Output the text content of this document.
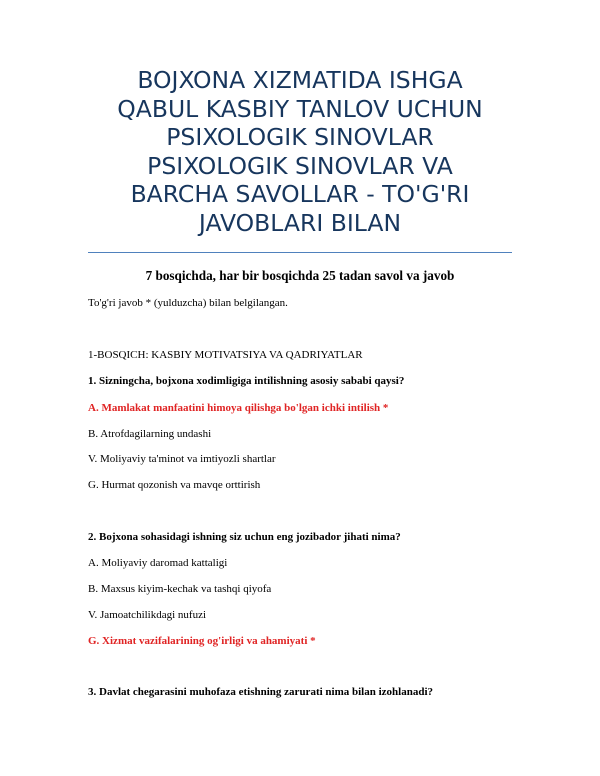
BOJXONA XIZMATIDA ISHGA
QABUL KASBIY TANLOV UCHUN
PSIXOLOGIK SINOVLAR
PSIXOLOGIK SINOVLAR VA
BARCHA SAVOLLAR - TO'G'RI
JAVOBLARI BILAN
7 bosqichda, har bir bosqichda 25 tadan savol va javob
To'g'ri javob * (yulduzcha) bilan belgilangan.
1-BOSQICH: KASBIY MOTIVATSIYA VA QADRIYATLAR
1. Sizningcha, bojxona xodimligiga intilishning asosiy sababi qaysi?
A. Mamlakat manfaatini himoya qilishga bo'lgan ichki intilish *
B. Atrofdagilarning undashi
V. Moliyaviy ta'minot va imtiyozli shartlar
G. Hurmat qozonish va mavqe orttirish
2. Bojxona sohasidagi ishning siz uchun eng jozibador jihati nima?
A. Moliyaviy daromad kattaligi
B. Maxsus kiyim-kechak va tashqi qiyofa
V. Jamoatchilikdagi nufuzi
G. Xizmat vazifalarining og'irligi va ahamiyati *
3. Davlat chegarasini muhofaza etishning zarurati nima bilan izohlanadi?
